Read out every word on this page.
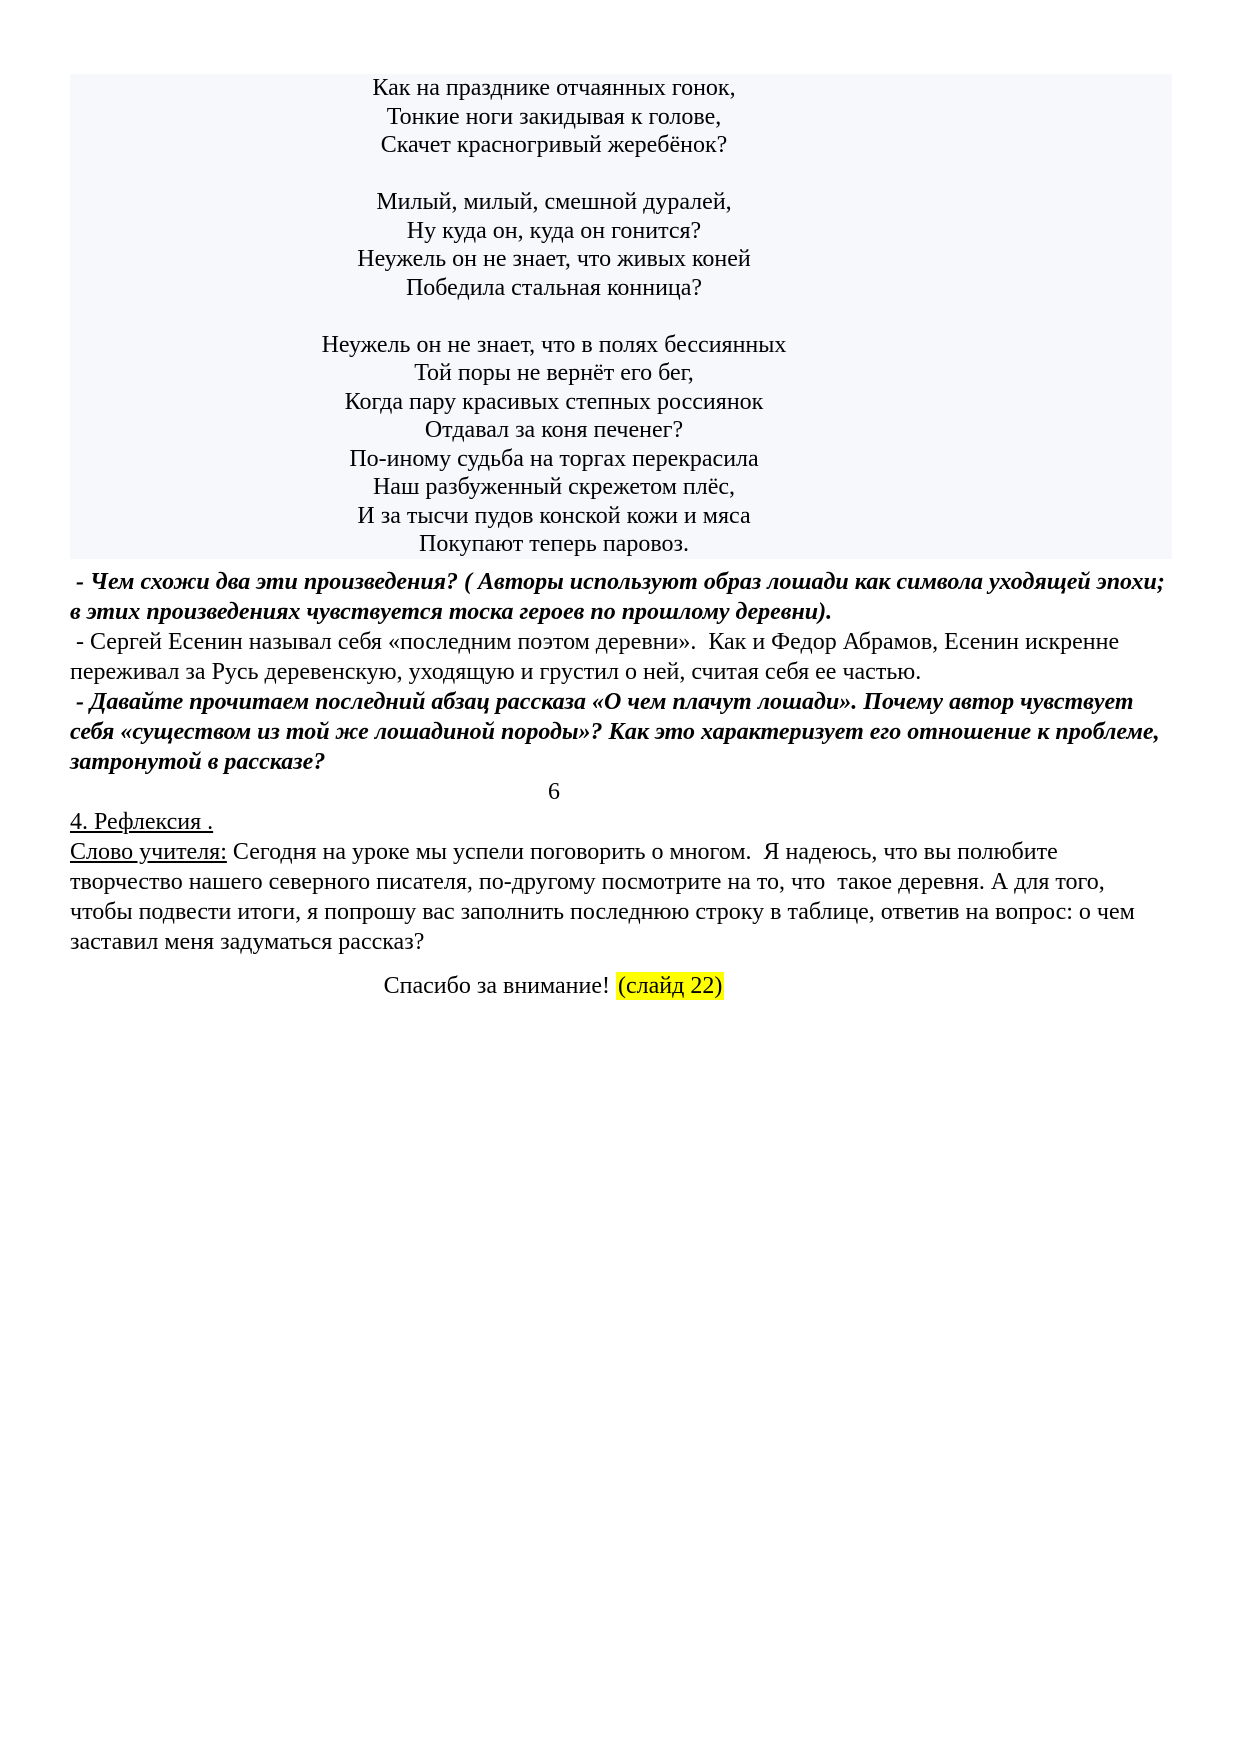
Как на празднике отчаянных гонок,
Тонкие ноги закидывая к голове,
Скачет красногривый жеребёнок?
Милый, милый, смешной дуралей,
Ну куда он, куда он гонится?
Неужель он не знает, что живых коней
Победила стальная конница?
Неужель он не знает, что в полях бессиянных
Той поры не вернёт его бег,
Когда пару красивых степных россиянок
Отдавал за коня печенег?
По-иному судьба на торгах перекрасила
Наш разбуженный скрежетом плёс,
И за тысчи пудов конской кожи и мяса
Покупают теперь паровоз.

- Чем схожи два эти произведения? ( Авторы используют образ лошади как символа уходящей эпохи; в этих произведениях чувствуется тоска героев по прошлому деревни).

- Сергей Есенин называл себя «последним поэтом деревни».  Как и Федор Абрамов, Есенин искренне переживал за Русь деревенскую, уходящую и грустил о ней, считая себя ее частью.

- Давайте прочитаем последний абзац рассказа «О чем плачут лошади». Почему автор чувствует себя «существом из той же лошадиной породы»? Как это характеризует его отношение к проблеме, затронутой в рассказе?

6

4. Рефлексия .

Слово учителя: Сегодня на уроке мы успели поговорить о многом.  Я надеюсь, что вы полюбите творчество нашего северного писателя, по-другому посмотрите на то, что  такое деревня. А для того, чтобы подвести итоги, я попрошу вас заполнить последнюю строку в таблице, ответив на вопрос: о чем заставил меня задуматься рассказ?

Спасибо за внимание! (слайд 22)
